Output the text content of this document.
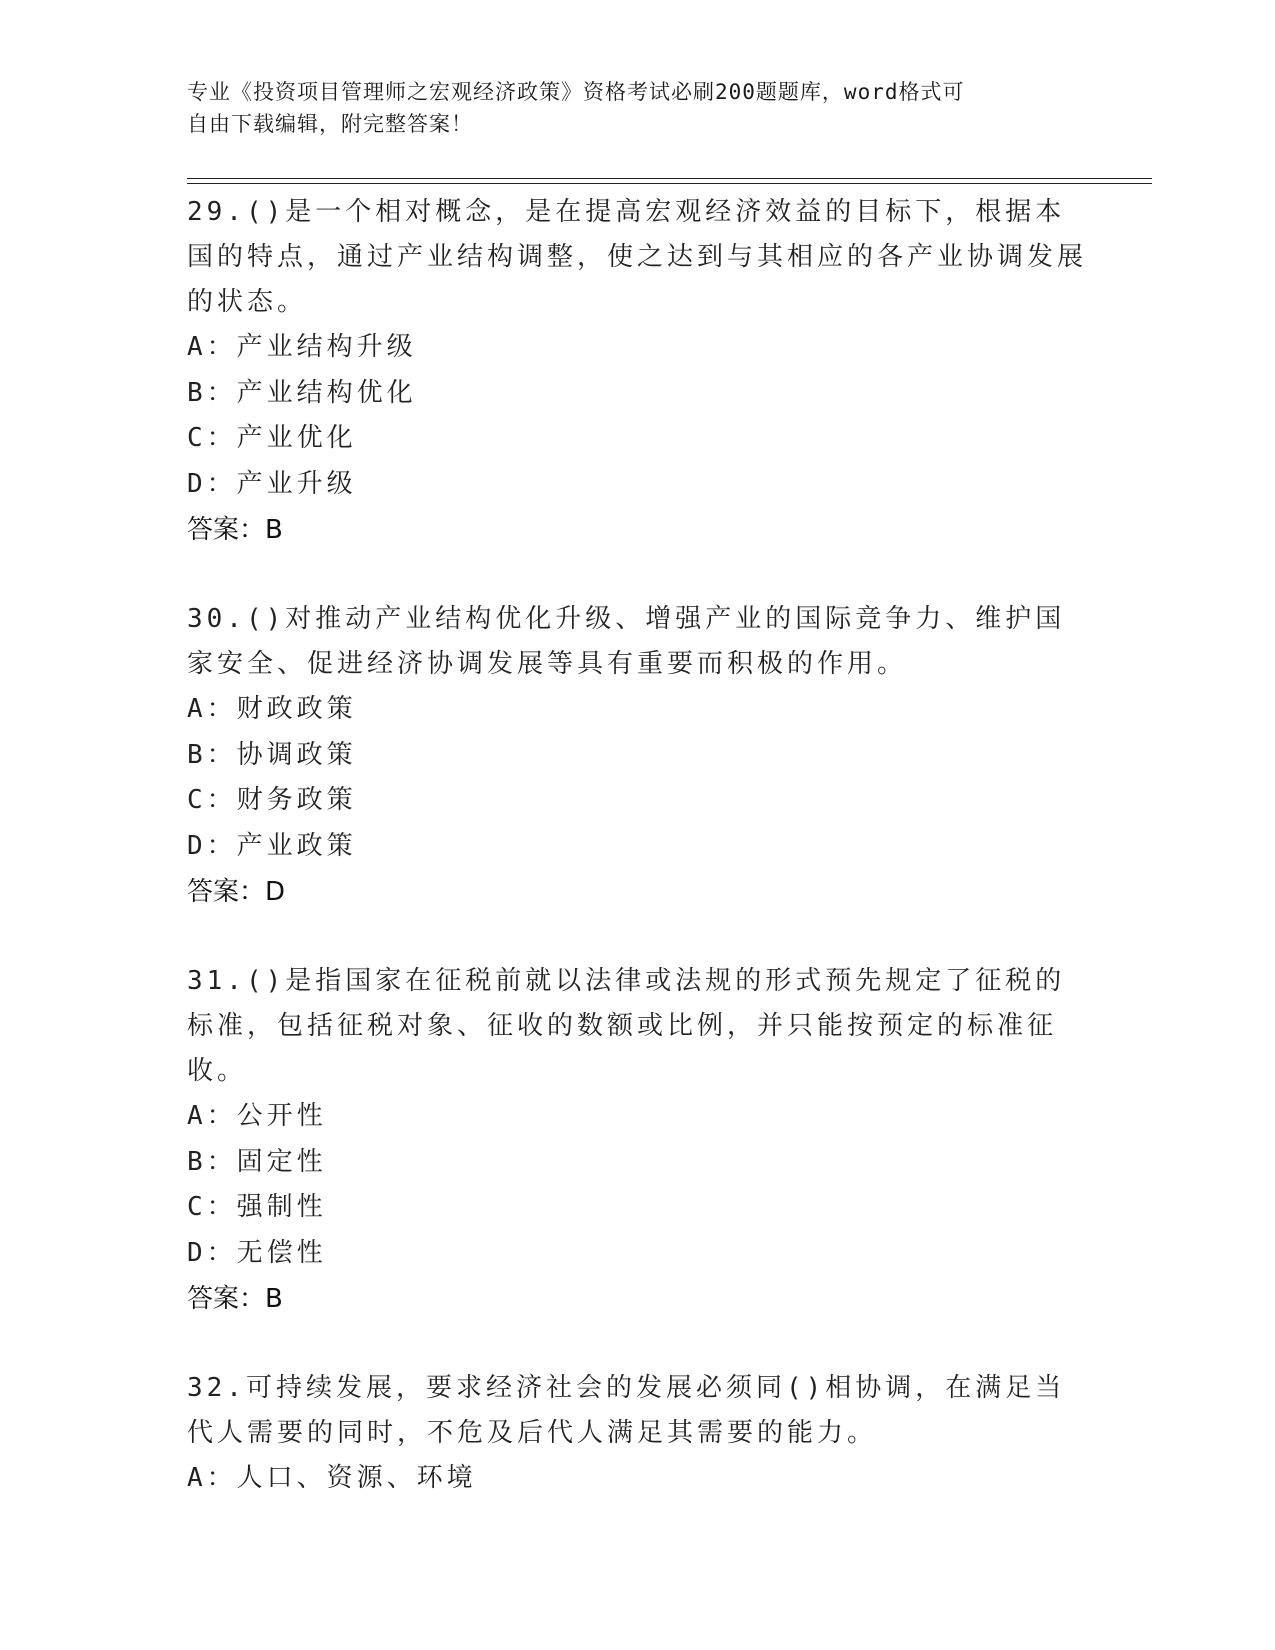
专业《投资项目管理师之宏观经济政策》资格考试必刷200题题库，word格式可
自由下载编辑，附完整答案！

29.()是一个相对概念，是在提高宏观经济效益的目标下，根据本国的特点，通过产业结构调整，使之达到与其相应的各产业协调发展的状态。

A：产业结构升级

B：产业结构优化

C：产业优化

D：产业升级

答案：B

30.()对推动产业结构优化升级、增强产业的国际竞争力、维护国家安全、促进经济协调发展等具有重要而积极的作用。

A：财政政策

B：协调政策

C：财务政策

D：产业政策

答案：D

31.()是指国家在征税前就以法律或法规的形式预先规定了征税的标准，包括征税对象、征收的数额或比例，并只能按预定的标准征收。

A：公开性

B：固定性

C：强制性

D：无偿性

答案：B

32.可持续发展，要求经济社会的发展必须同()相协调，在满足当代人需要的同时，不危及后代人满足其需要的能力。

A：人口、资源、环境
